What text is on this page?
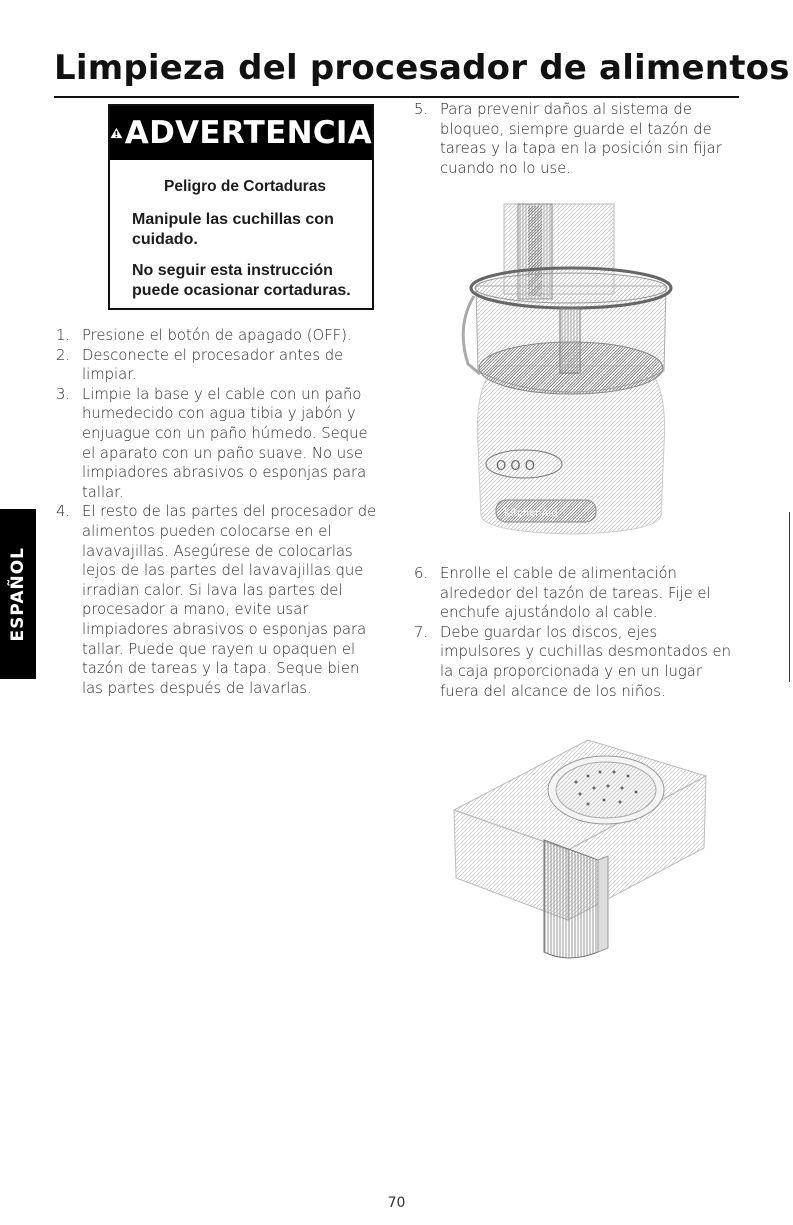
Limpieza del procesador de alimentos
ADVERTENCIA
Peligro de Cortaduras
Manipule las cuchillas con cuidado.
No seguir esta instrucción puede ocasionar cortaduras.
1. Presione el botón de apagado (OFF).
2. Desconecte el procesador antes de limpiar.
3. Limpie la base y el cable con un paño humedecido con agua tibia y jabón y enjuague con un paño húmedo. Seque el aparato con un paño suave. No use limpiadores abrasivos o esponjas para tallar.
4. El resto de las partes del procesador de alimentos pueden colocarse en el lavavajillas. Asegúrese de colocarlas lejos de las partes del lavavajillas que irradian calor. Si lava las partes del procesador a mano, evite usar limpiadores abrasivos o esponjas para tallar. Puede que rayen u opaquen el tazón de tareas y la tapa. Seque bien las partes después de lavarlas.
5. Para prevenir daños al sistema de bloqueo, siempre guarde el tazón de tareas y la tapa en la posición sin fijar cuando no lo use.
O O O
KitchenAid
ESPAÑOL	6. Enrolle el cable de alimentación alrededor del tazón de tareas. Fije el enchufe ajustándolo al cable.
7. Debe guardar los discos, ejes impulsores y cuchillas desmontados en la caja proporcionada y en un lugar fuera del alcance de los niños.
70
